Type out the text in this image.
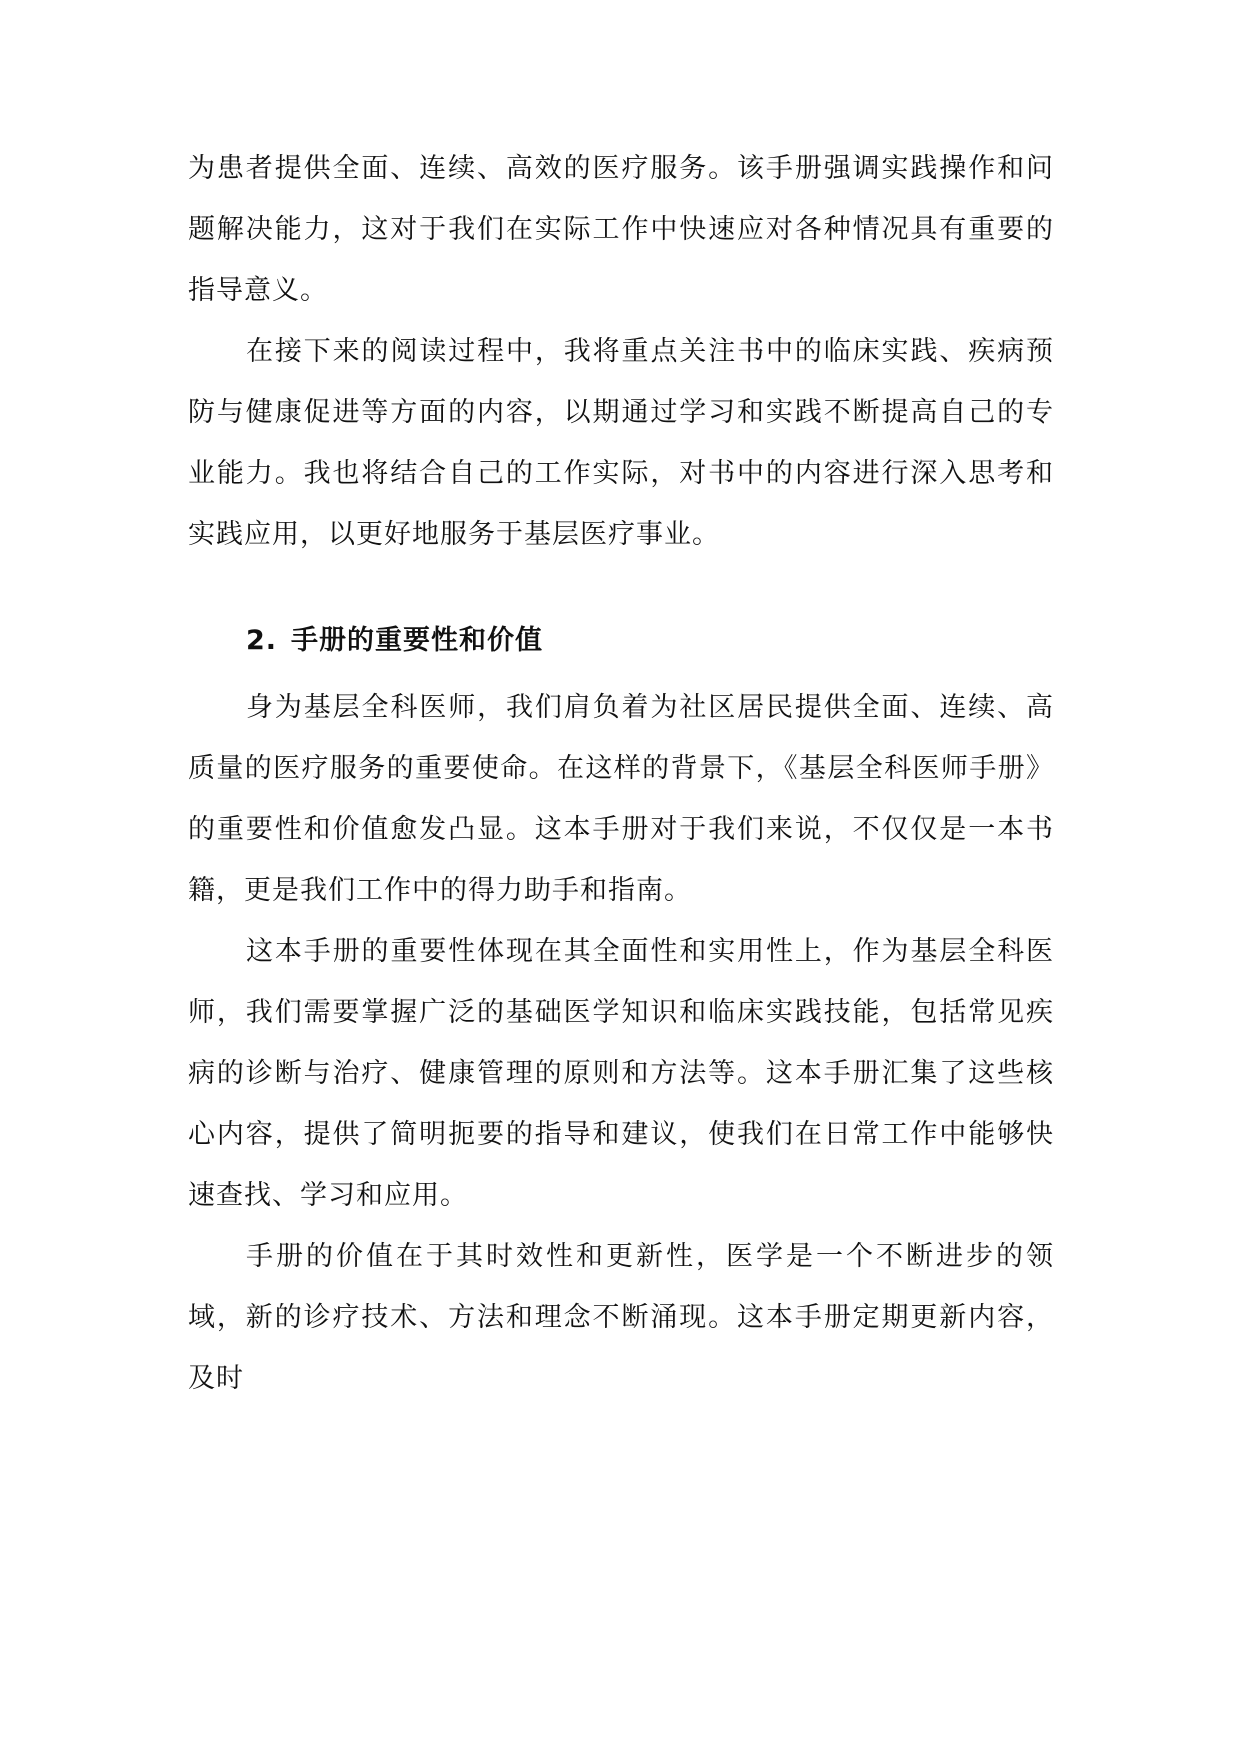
为患者提供全面、连续、高效的医疗服务。该手册强调实践操作和问题解决能力，这对于我们在实际工作中快速应对各种情况具有重要的指导意义。

在接下来的阅读过程中，我将重点关注书中的临床实践、疾病预防与健康促进等方面的内容，以期通过学习和实践不断提高自己的专业能力。我也将结合自己的工作实际，对书中的内容进行深入思考和实践应用，以更好地服务于基层医疗事业。

2. 手册的重要性和价值

身为基层全科医师，我们肩负着为社区居民提供全面、连续、高质量的医疗服务的重要使命。在这样的背景下，《基层全科医师手册》的重要性和价值愈发凸显。这本手册对于我们来说，不仅仅是一本书籍，更是我们工作中的得力助手和指南。

这本手册的重要性体现在其全面性和实用性上，作为基层全科医师，我们需要掌握广泛的基础医学知识和临床实践技能，包括常见疾病的诊断与治疗、健康管理的原则和方法等。这本手册汇集了这些核心内容，提供了简明扼要的指导和建议，使我们在日常工作中能够快速查找、学习和应用。

手册的价值在于其时效性和更新性，医学是一个不断进步的领域，新的诊疗技术、方法和理念不断涌现。这本手册定期更新内容，及时
